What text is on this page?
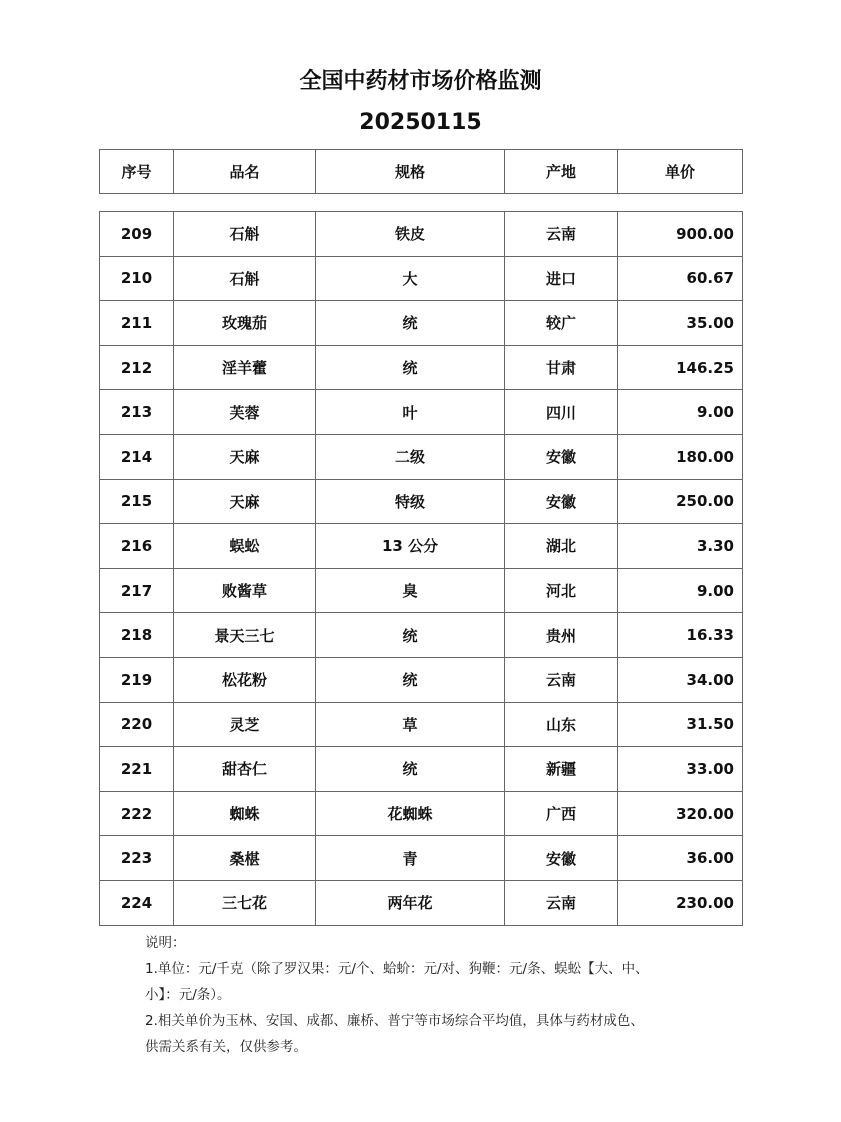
全国中药材市场价格监测
20250115
序号	品名	规格	产地	单价
209	石斛	铁皮	云南	900.00
210	石斛	大	进口	60.67
211	玫瑰茄	统	较广	35.00
212	淫羊藿	统	甘肃	146.25
213	芙蓉	叶	四川	9.00
214	天麻	二级	安徽	180.00
215	天麻	特级	安徽	250.00
216	蜈蚣	13 公分	湖北	3.30
217	败酱草	臭	河北	9.00
218	景天三七	统	贵州	16.33
219	松花粉	统	云南	34.00
220	灵芝	草	山东	31.50
221	甜杏仁	统	新疆	33.00
222	蜘蛛	花蜘蛛	广西	320.00
223	桑椹	青	安徽	36.00
224	三七花	两年花	云南	230.00
说明：
1.单位：元/千克（除了罗汉果：元/个、蛤蚧：元/对、狗鞭：元/条、蜈蚣【大、中、
小】：元/条）。
2.相关单价为玉林、安国、成都、廉桥、普宁等市场综合平均值，具体与药材成色、
供需关系有关，仅供参考。
